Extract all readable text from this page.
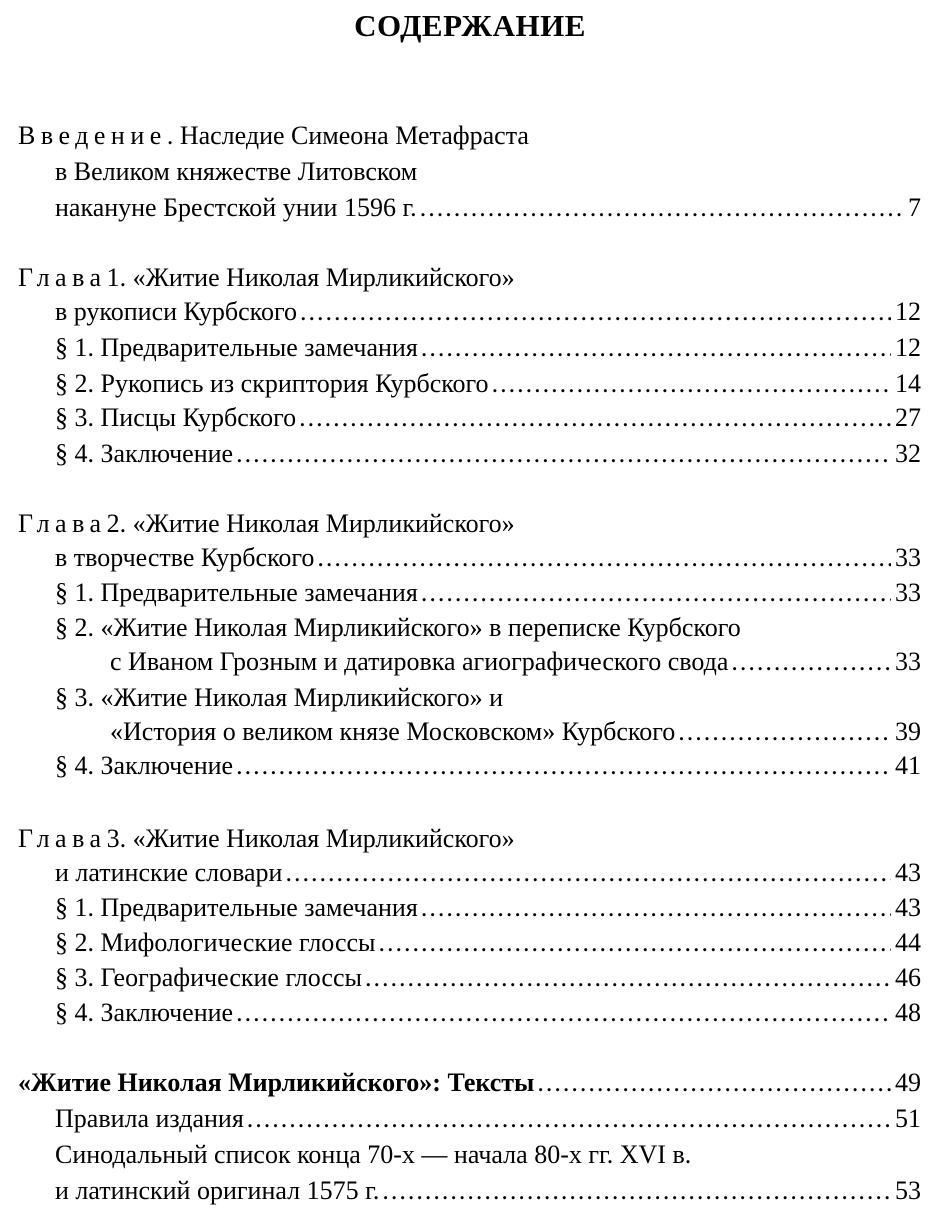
СОДЕРЖАНИЕ
Введение . Наследие Симеона Метафраста
в Великом княжестве Литовском
накануне Брестской унии 1596 г. .....	7
Глава 1. «Житие Николая Мирликийского»
в рукописи Курбского .....	12
§ 1. Предварительные замечания .....	12
§ 2. Рукопись из скриптория Курбского .....	14
§ 3. Писцы Курбского .....	27
§ 4. Заключение .....	32
Глава 2. «Житие Николая Мирликийского»
в творчестве Курбского .....	33
§ 1. Предварительные замечания .....	33
§ 2. «Житие Николая Мирликийского» в переписке Курбского
с Иваном Грозным и датировка агиографического свода .....	33
§ 3. «Житие Николая Мирликийского» и
«История о великом князе Московском» Курбского .....	39
§ 4. Заключение .....	41
Глава 3. «Житие Николая Мирликийского»
и латинские словари .....	43
§ 1. Предварительные замечания .....	43
§ 2. Мифологические глоссы .....	44
§ 3. Географические глоссы .....	46
§ 4. Заключение .....	48
«Житие Николая Мирликийского»: Тексты .....	49
Правила издания .....	51
Синодальный список конца 70-х — начала 80-х гг. XVI в.
и латинский оригинал 1575 г. .....	53
